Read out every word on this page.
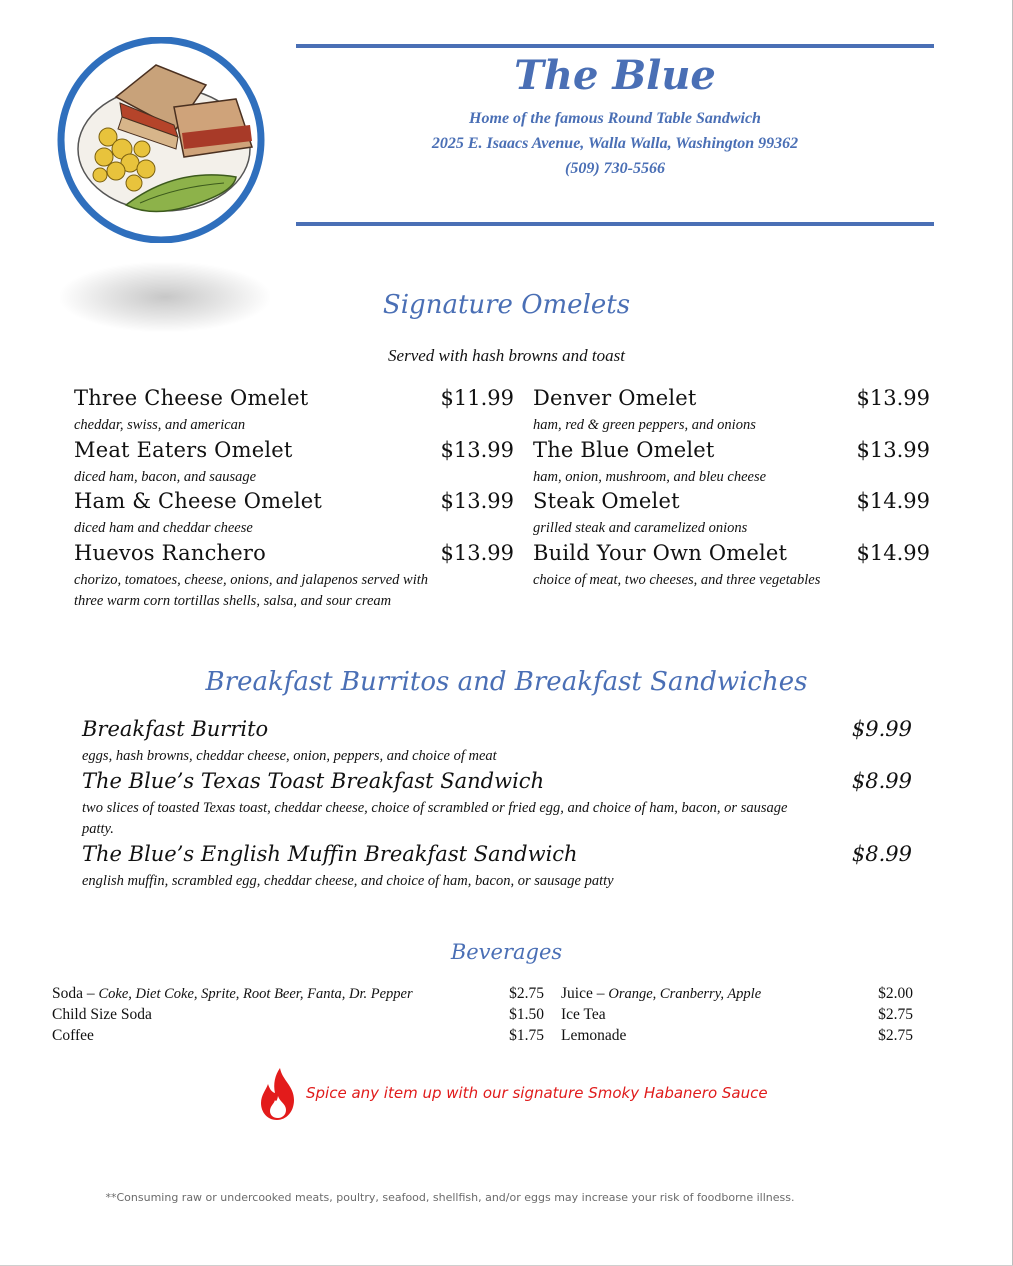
The Blue
Home of the famous Round Table Sandwich
2025 E. Isaacs Avenue, Walla Walla, Washington 99362
(509) 730-5566
Signature Omelets
Served with hash browns and toast
Three Cheese Omelet	$11.99
cheddar, swiss, and american
Meat Eaters Omelet	$13.99
diced ham, bacon, and sausage
Ham & Cheese Omelet	$13.99
diced ham and cheddar cheese
Huevos Ranchero	$13.99
chorizo, tomatoes, cheese, onions, and jalapenos served with three warm corn tortillas shells, salsa, and sour cream
Denver Omelet	$13.99
ham, red & green peppers, and onions
The Blue Omelet	$13.99
ham, onion, mushroom, and bleu cheese
Steak Omelet	$14.99
grilled steak and caramelized onions
Build Your Own Omelet	$14.99
choice of meat, two cheeses, and three vegetables
Breakfast Burritos and Breakfast Sandwiches
Breakfast Burrito	$9.99
eggs, hash browns, cheddar cheese, onion, peppers, and choice of meat
The Blue’s Texas Toast Breakfast Sandwich	$8.99
two slices of toasted Texas toast, cheddar cheese, choice of scrambled or fried egg, and choice of ham, bacon, or sausage patty.
The Blue’s English Muffin Breakfast Sandwich	$8.99
english muffin, scrambled egg, cheddar cheese, and choice of ham, bacon, or sausage patty
Beverages
Soda – Coke, Diet Coke, Sprite, Root Beer, Fanta, Dr. Pepper	$2.75
Child Size Soda	$1.50
Coffee	$1.75
Juice – Orange, Cranberry, Apple	$2.00
Ice Tea	$2.75
Lemonade	$2.75
Spice any item up with our signature Smoky Habanero Sauce
**Consuming raw or undercooked meats, poultry, seafood, shellfish, and/or eggs may increase your risk of foodborne illness.
